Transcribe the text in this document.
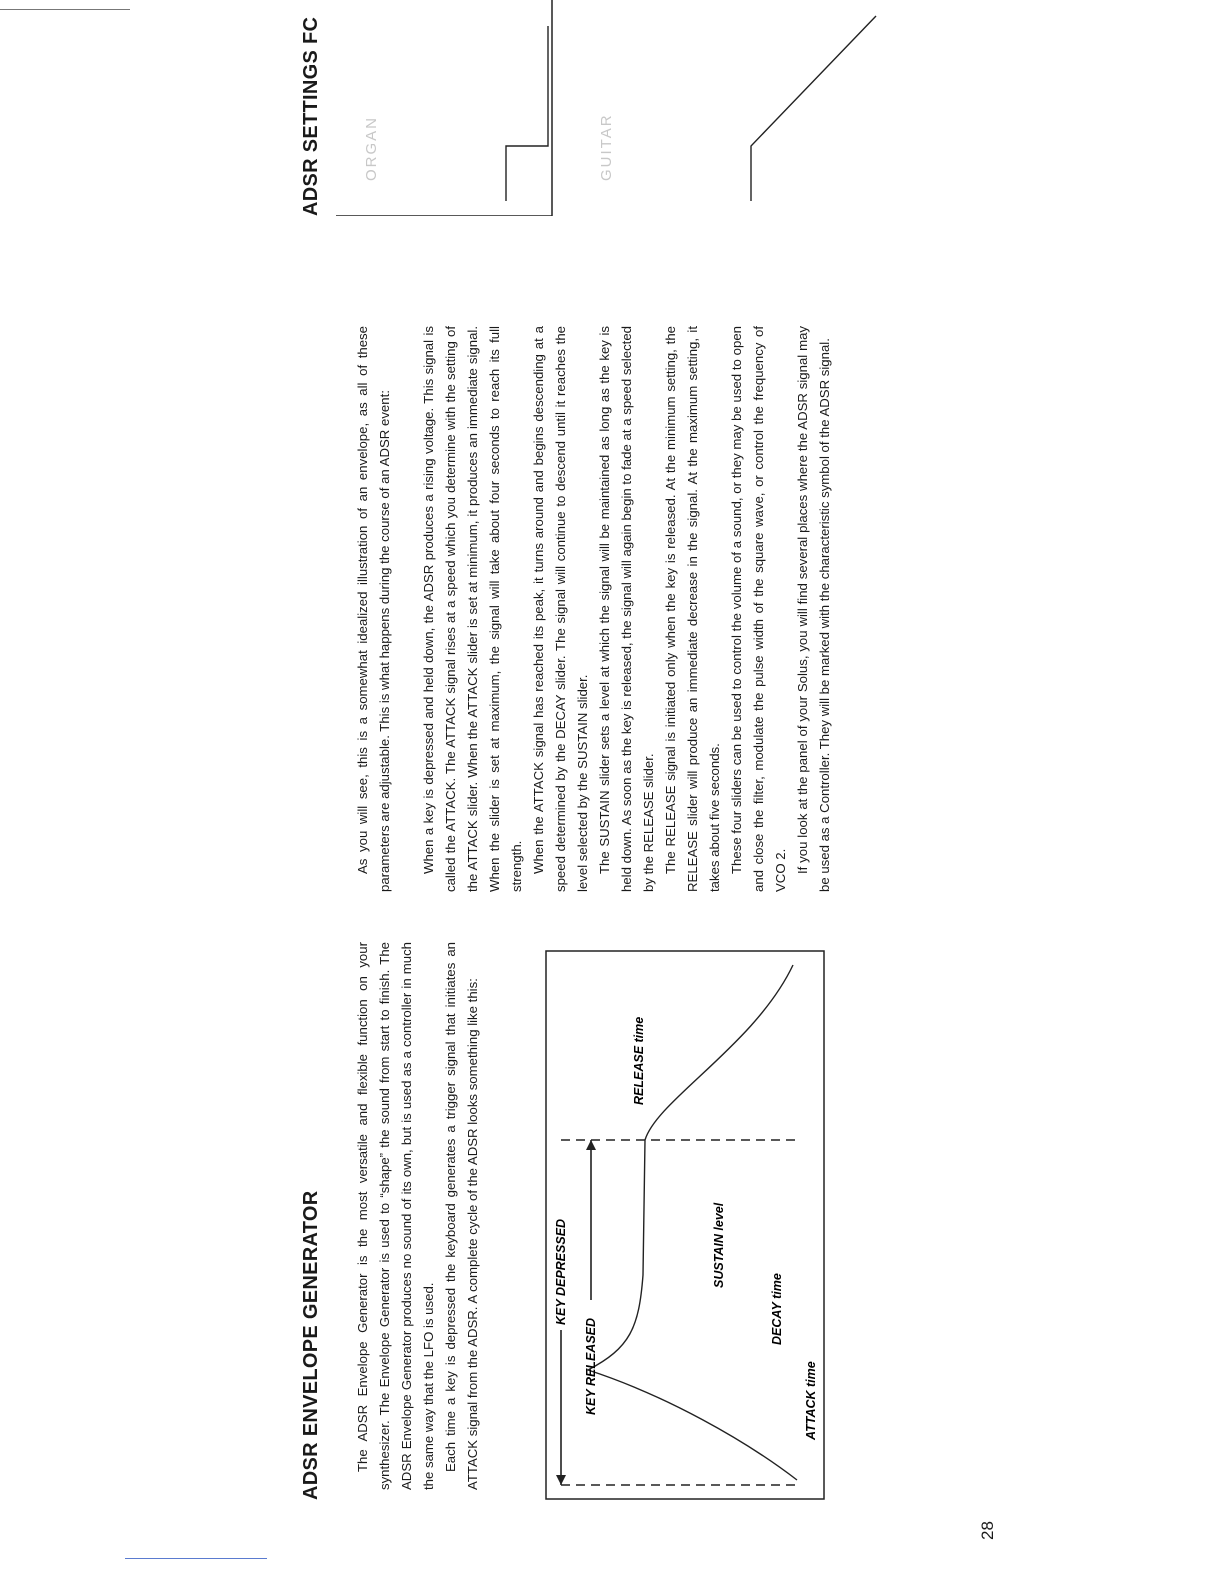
28
ADSR ENVELOPE GENERATOR	The ADSR Envelope Generator is the most versatile and flexible function on your synthesizer. The Envelope Generator is used to “shape” the sound from start to finish. The ADSR Envelope Generator produces no sound of its own, but is used as a controller in much the same way that the LFO is used. Each time a key is depressed the keyboard generates a trigger signal that initiates an ATTACK signal from the ADSR. A complete cycle of the ADSR looks something like this:	KEY DEPRESSED
KEY RELEASED
RELEASE time
SUSTAIN level
DECAY time
ATTACK time

As you will see, this is a somewhat idealized illustration of an envelope, as all of these parameters are adjustable. This is what happens during the course of an ADSR event:	When a key is depressed and held down, the ADSR produces a rising voltage. This signal is called the ATTACK. The ATTACK signal rises at a speed which you determine with the setting of the ATTACK slider. When the ATTACK slider is set at minimum, it produces an immediate signal. When the slider is set at maximum, the signal will take about four seconds to reach its full strength. When the ATTACK signal has reached its peak, it turns around and begins descending at a speed determined by the DECAY slider. The signal will continue to descend until it reaches the level selected by the SUSTAIN slider. The SUSTAIN slider sets a level at which the signal will be maintained as long as the key is held down. As soon as the key is released, the signal will again begin to fade at a speed selected by the RELEASE slider. The RELEASE signal is initiated only when the key is released. At the minimum setting, the RELEASE slider will produce an immediate decrease in the signal. At the maximum setting, it takes about five seconds. These four sliders can be used to control the volume of a sound, or they may be used to open and close the filter, modulate the pulse width of the square wave, or control the frequency of VCO 2. If you look at the panel of your Solus, you will find several places where the ADSR signal may be used as a Controller. They will be marked with the characteristic symbol of the ADSR signal.

ADSR SETTINGS FC	ORGAN	GUITAR
